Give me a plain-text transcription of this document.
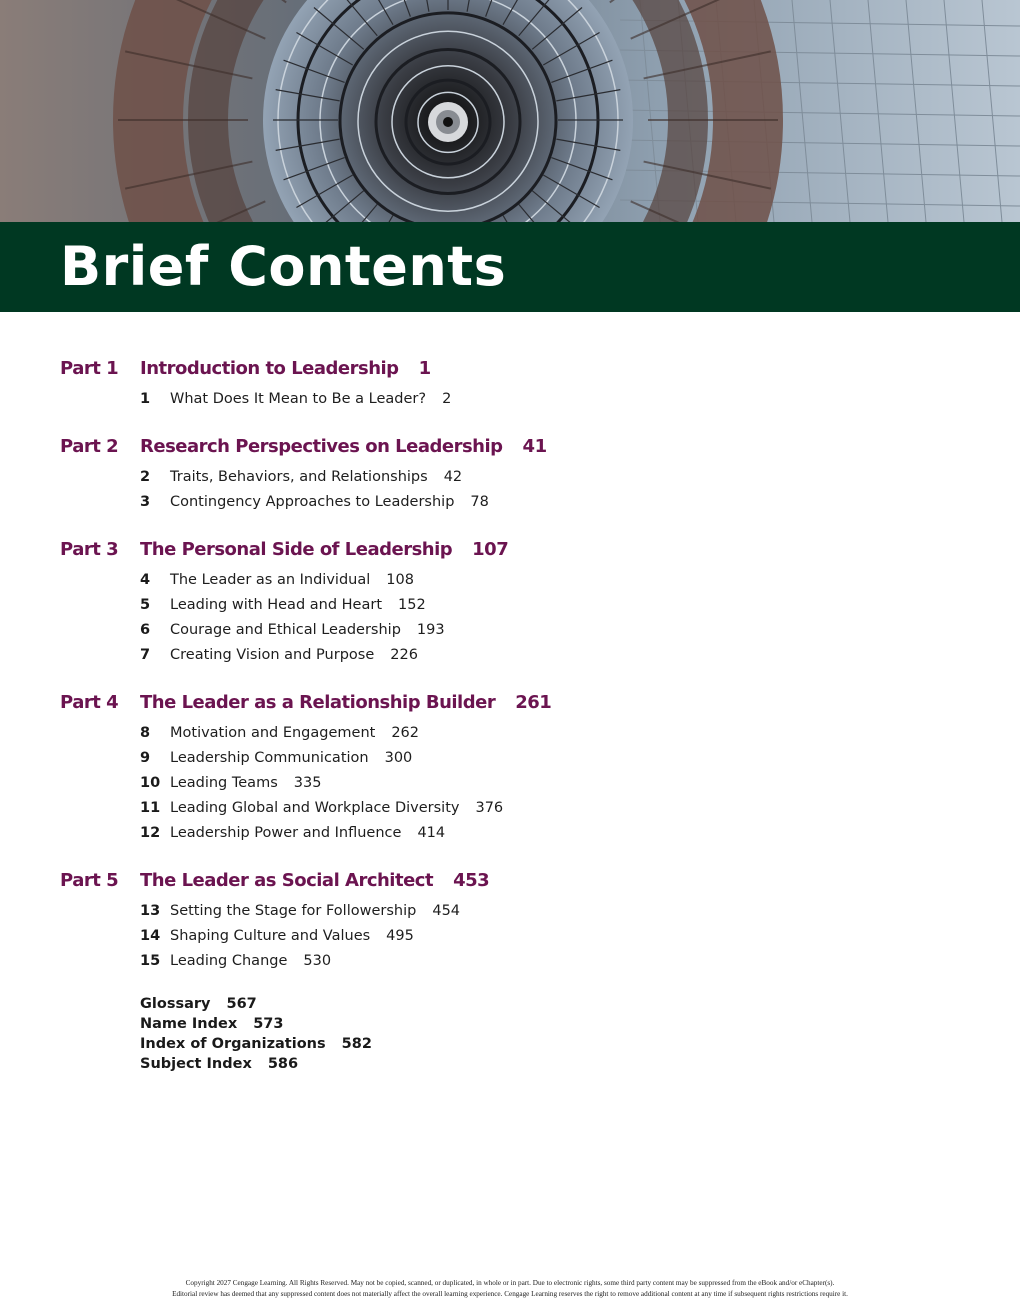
Brief Contents
Part 1 Introduction to Leadership 1
1 What Does It Mean to Be a Leader? 2
Part 2 Research Perspectives on Leadership 41
2 Traits, Behaviors, and Relationships 42
3 Contingency Approaches to Leadership 78
Part 3 The Personal Side of Leadership 107
4 The Leader as an Individual 108
5 Leading with Head and Heart 152
6 Courage and Ethical Leadership 193
7 Creating Vision and Purpose 226
Part 4 The Leader as a Relationship Builder 261
8 Motivation and Engagement 262
9 Leadership Communication 300
10 Leading Teams 335
11 Leading Global and Workplace Diversity 376
12 Leadership Power and Influence 414
Part 5 The Leader as Social Architect 453
13 Setting the Stage for Followership 454
14 Shaping Culture and Values 495
15 Leading Change 530
Glossary 567
Name Index 573
Index of Organizations 582
Subject Index 586
Copyright 2027 Cengage Learning. All Rights Reserved. May not be copied, scanned, or duplicated, in whole or in part. Due to electronic rights, some third party content may be suppressed from the eBook and/or eChapter(s).
Editorial review has deemed that any suppressed content does not materially affect the overall learning experience. Cengage Learning reserves the right to remove additional content at any time if subsequent rights restrictions require it.
